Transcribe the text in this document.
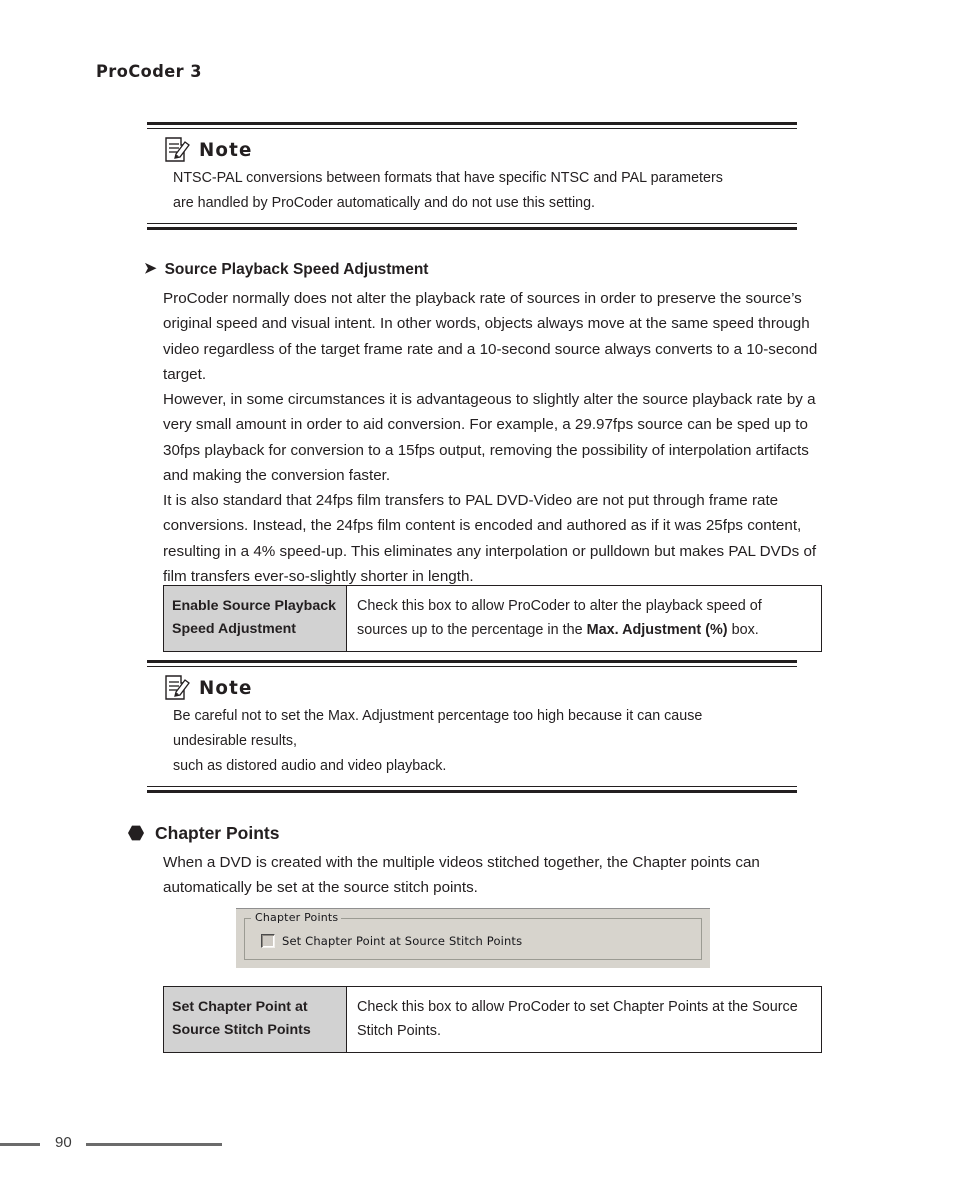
ProCoder 3
Note
NTSC-PAL conversions between formats that have specific NTSC and PAL parameters
are handled by ProCoder automatically and do not use this setting.
➤ Source Playback Speed Adjustment
ProCoder normally does not alter the playback rate of sources in order to preserve the source’s original speed and visual intent. In other words, objects always move at the same speed through video regardless of the target frame rate and a 10-second source always converts to a 10-second target.
However, in some circumstances it is advantageous to slightly alter the source playback rate by a very small amount in order to aid conversion. For example, a 29.97fps source can be sped up to 30fps playback for conversion to a 15fps output, removing the possibility of interpolation artifacts and making the conversion faster.
It is also standard that 24fps film transfers to PAL DVD-Video are not put through frame rate conversions. Instead, the 24fps film content is encoded and authored as if it was 25fps content, resulting in a 4% speed-up. This eliminates any interpolation or pulldown but makes PAL DVDs of film transfers ever-so-slightly shorter in length.
Enable Source Playback Speed Adjustment
Check this box to allow ProCoder to alter the playback speed of sources up to the percentage in the Max. Adjustment (%) box.
Note
Be careful not to set the Max. Adjustment percentage too high because it can cause
undesirable results,
such as distored audio and video playback.
Chapter Points
When a DVD is created with the multiple videos stitched together, the Chapter points can automatically be set at the source stitch points.
Chapter Points
Set Chapter Point at Source Stitch Points
Set Chapter Point at Source Stitch Points
Check this box to allow ProCoder to set Chapter Points at the Source Stitch Points.
90
